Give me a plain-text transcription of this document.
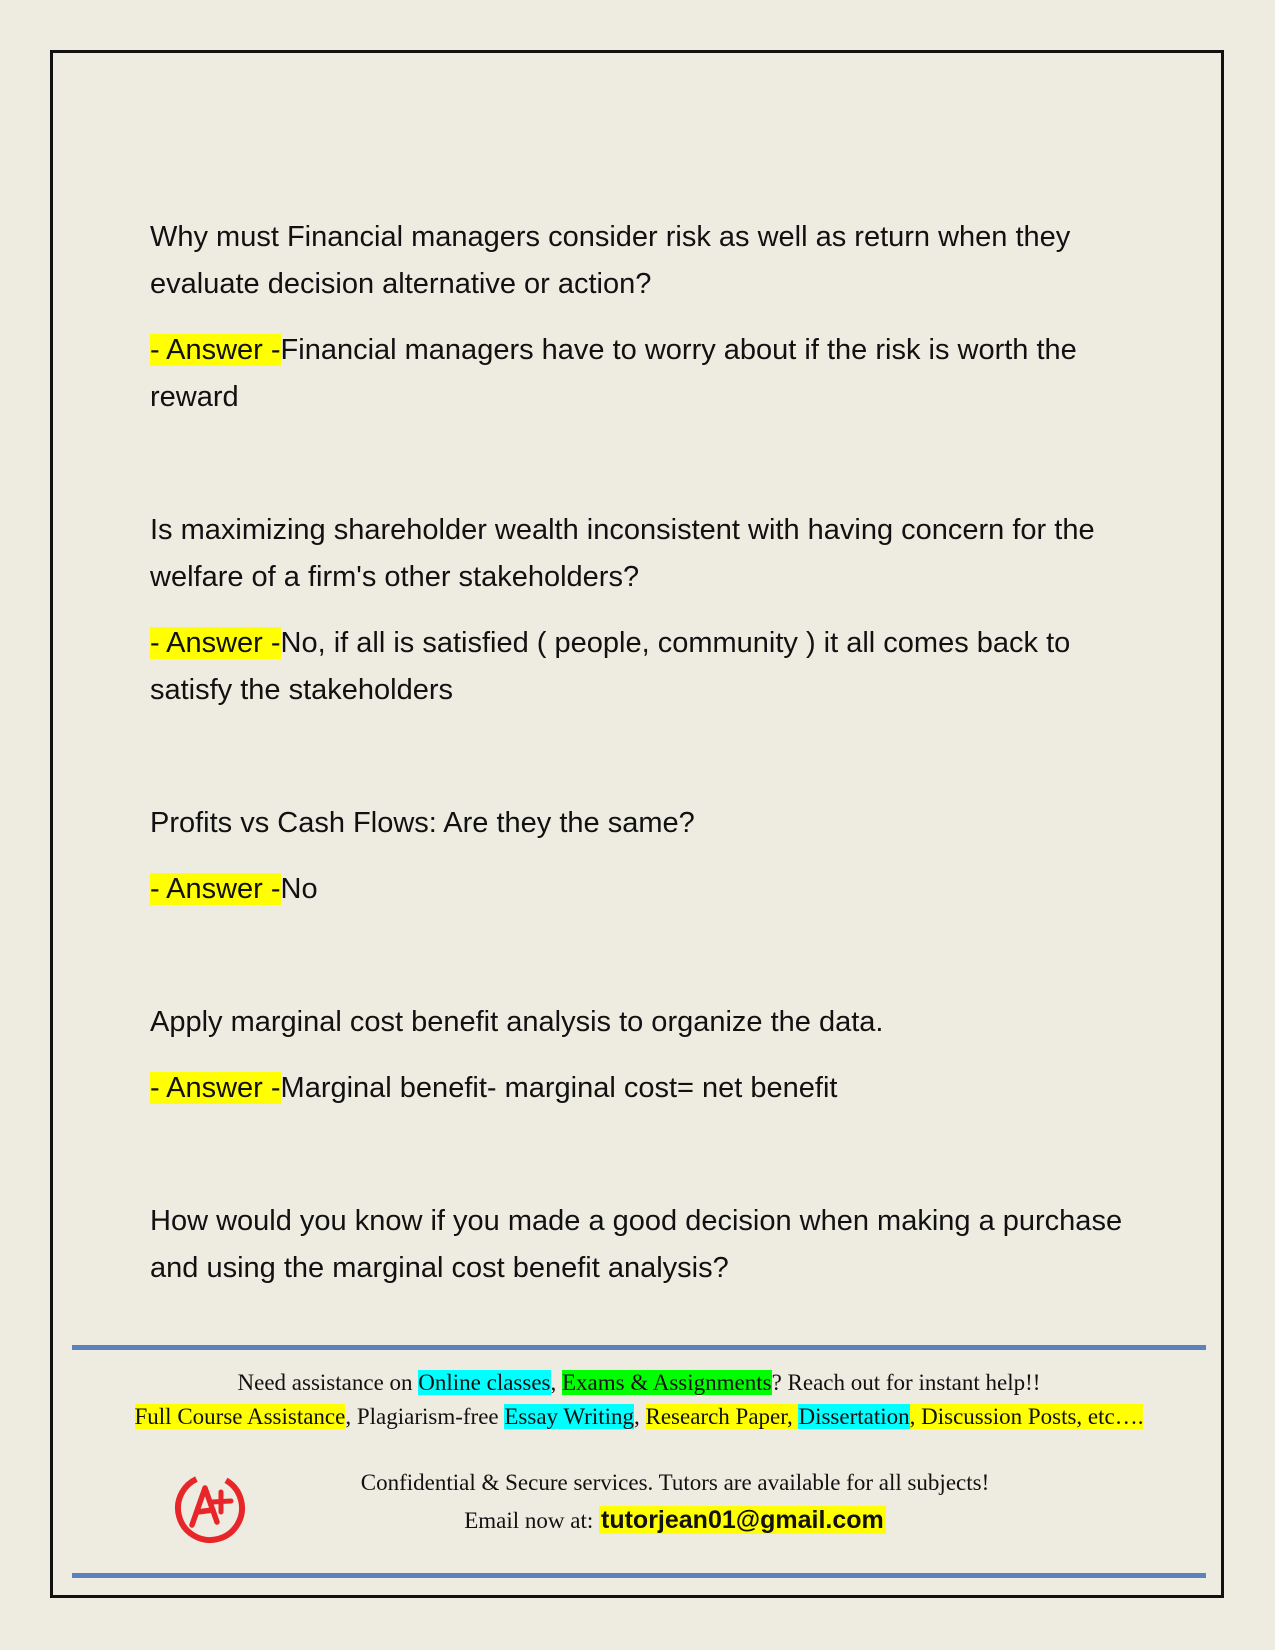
Why must Financial managers consider risk as well as return when they evaluate decision alternative or action?

- Answer -Financial managers have to worry about if the risk is worth the reward

Is maximizing shareholder wealth inconsistent with having concern for the welfare of a firm's other stakeholders?

- Answer -No, if all is satisfied ( people, community ) it all comes back to satisfy the stakeholders

Profits vs Cash Flows: Are they the same?

- Answer -No

Apply marginal cost benefit analysis to organize the data.

- Answer -Marginal benefit- marginal cost= net benefit

How would you know if you made a good decision when making a purchase and using the marginal cost benefit analysis?

Need assistance on Online classes, Exams & Assignments? Reach out for instant help!!
Full Course Assistance, Plagiarism-free Essay Writing, Research Paper, Dissertation, Discussion Posts, etc….
Confidential & Secure services. Tutors are available for all subjects!
Email now at: tutorjean01@gmail.com
